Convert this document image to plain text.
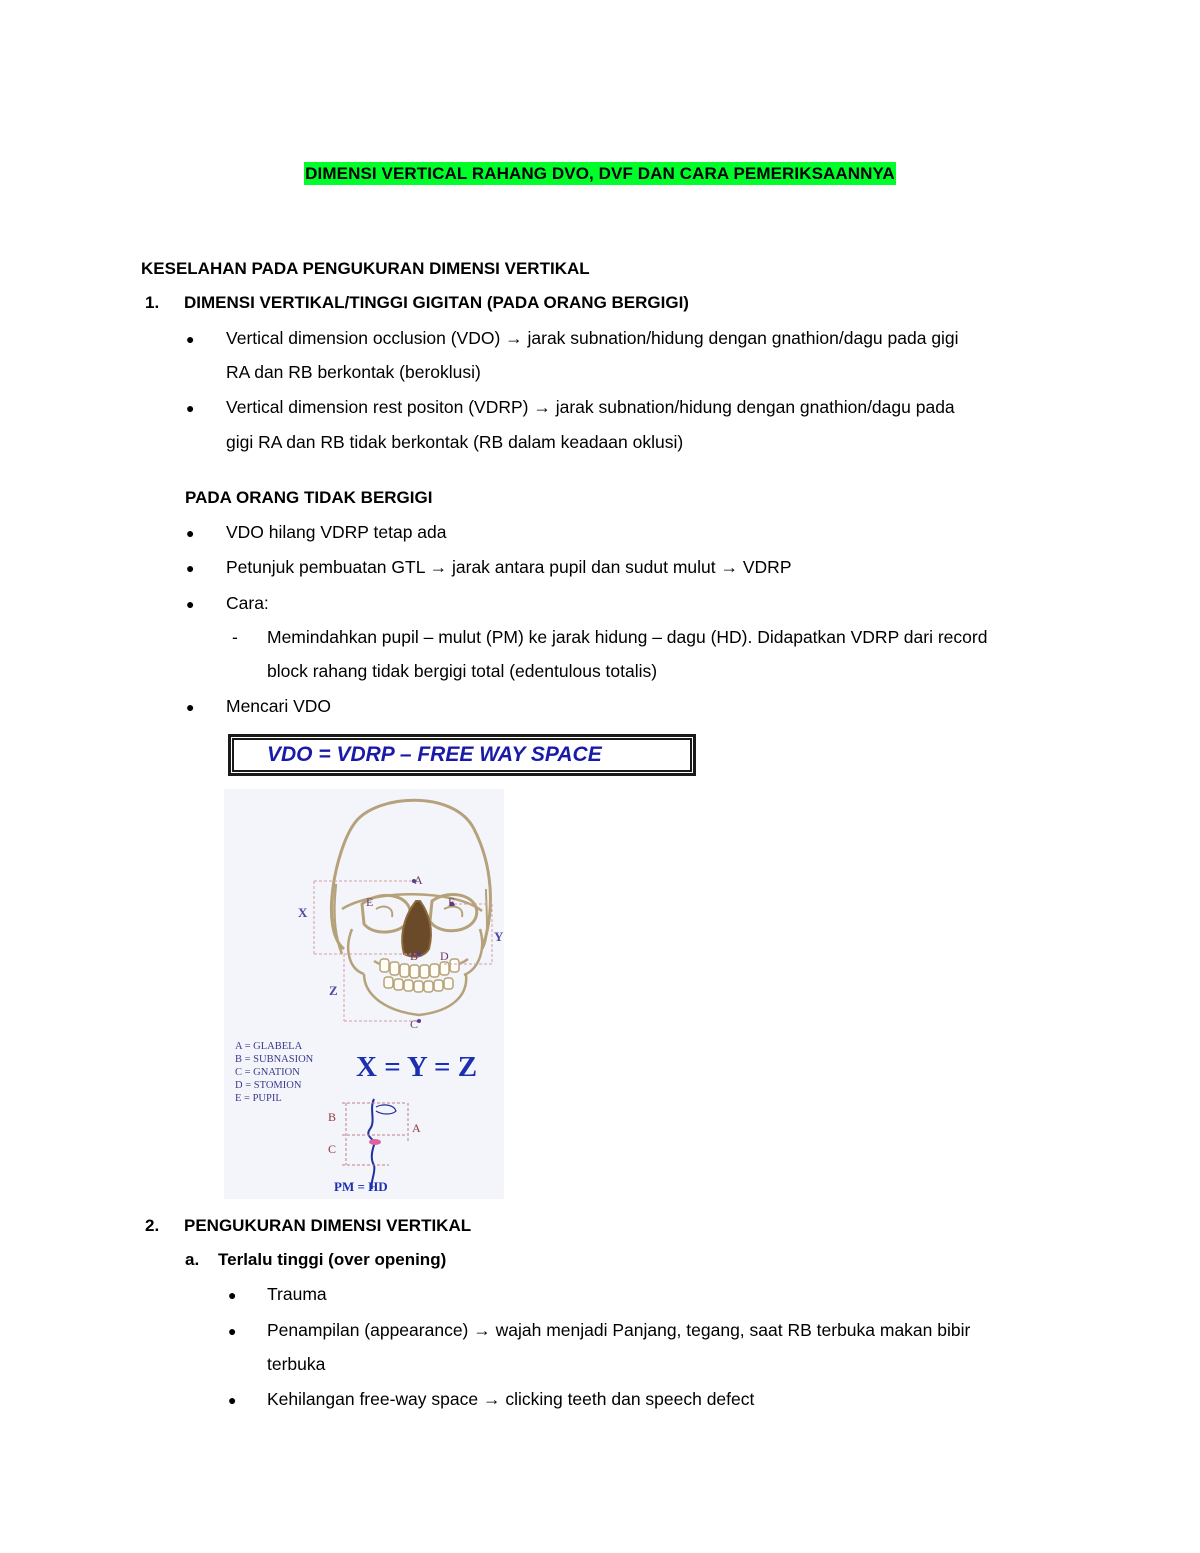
DIMENSI VERTICAL RAHANG DVO, DVF DAN CARA PEMERIKSAANNYA
KESELAHAN PADA PENGUKURAN DIMENSI VERTIKAL
1. DIMENSI VERTIKAL/TINGGI GIGITAN (PADA ORANG BERGIGI)
● Vertical dimension occlusion (VDO) → jarak subnation/hidung dengan gnathion/dagu pada gigi
RA dan RB berkontak (beroklusi)
● Vertical dimension rest positon (VDRP) → jarak subnation/hidung dengan gnathion/dagu pada
gigi RA dan RB tidak berkontak (RB dalam keadaan oklusi)
PADA ORANG TIDAK BERGIGI
● VDO hilang VDRP tetap ada
● Petunjuk pembuatan GTL → jarak antara pupil dan sudut mulut → VDRP
● Cara:
- Memindahkan pupil – mulut (PM) ke jarak hidung – dagu (HD). Didapatkan VDRP dari record
block rahang tidak bergigi total (edentulous totalis)
● Mencari VDO
VDO = VDRP – FREE WAY SPACE
X
Y
Z
A
B
C
D
E	E
A = GLABELA
B = SUBNASION
C = GNATION
D = STOMION
E = PUPIL
X = Y = Z
B
C
A
PM = HD
2. PENGUKURAN DIMENSI VERTIKAL
a. Terlalu tinggi (over opening)
● Trauma
● Penampilan (appearance) → wajah menjadi Panjang, tegang, saat RB terbuka makan bibir
terbuka
● Kehilangan free-way space → clicking teeth dan speech defect
